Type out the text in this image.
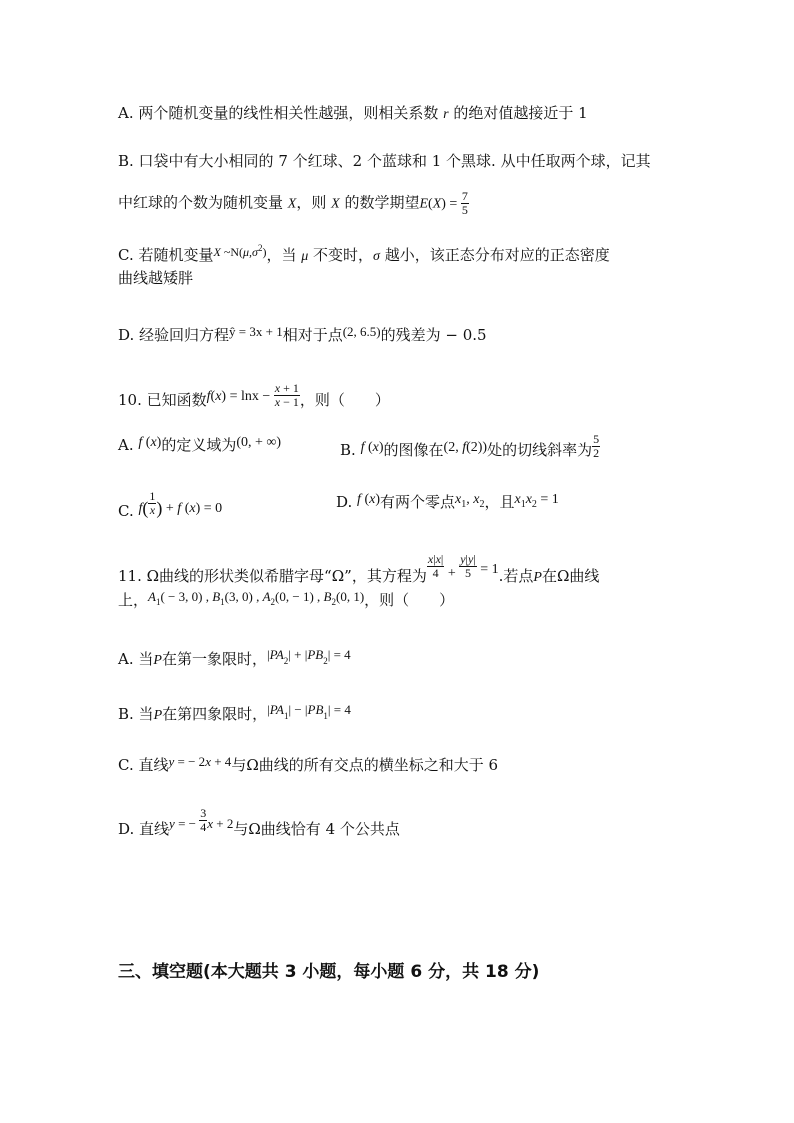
A. 两个随机变量的线性相关性越强，则相关系数 r 的绝对值越接近于 1
B. 口袋中有大小相同的 7 个红球、2 个蓝球和 1 个黑球. 从中任取两个球，记其
中红球的个数为随机变量 X，则 X 的数学期望$E(X) = \frac{7}{5}$
C. 若随机变量$^X$ $^{\sim N(\mu,\sigma 2)}$，当 μ 不变时，σ 越小，该正态分布对应的正态密度
曲线越矮胖
D. 经验回归方程ŷ = 3x + 1相对于点(2, 6.5)的残差为 − 0.5
10. 已知函数$f(x) = \ln x - \frac{x + 1}{x - 1}$ ，则（　　）
A. f (x)的定义域为(0, + ∞)	B. f (x)的图像在(2, f(2))处的切线斜率为 $\frac{5}{2}$
C. $f( \frac{1}{x}$ ) + f (x) = 0	D. f (x)有两个零点x1, x2，且x1x2 = 1
11. Ω曲线的形状类似希腊字母“Ω”，其方程为 $\frac{x|x|}{4} + \frac{y|y|}{5} = 1$.若点P在Ω曲线
上，A1( − 3, 0) , B1(3, 0) , A2(0, − 1) , B2(0, 1)，则（　　）
A. 当P在第一象限时，|PA2| + |PB2| = 4
B. 当P在第四象限时，|PA1| − |PB1| = 4
C. 直线y = − 2x + 4与Ω曲线的所有交点的横坐标之和大于 6
D. 直线y = − $\frac{3}{4}$ x + 2与Ω曲线恰有 4 个公共点
三、填空题(本大题共 3 小题，每小题 6 分，共 18 分)
